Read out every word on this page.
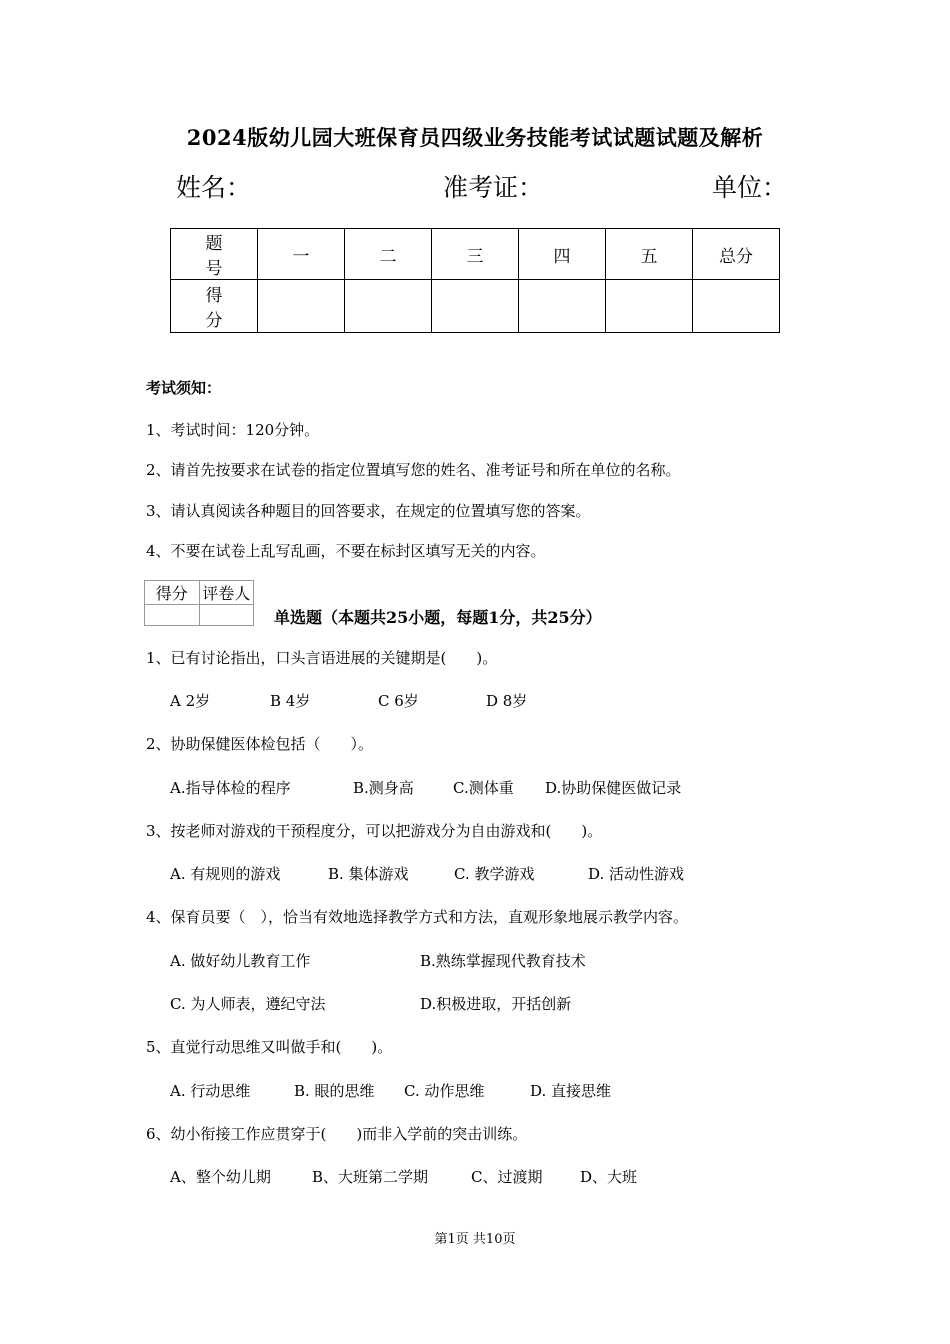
2024版幼儿园大班保育员四级业务技能考试试题试题及解析
姓名：	准考证：	单位：
题 号	一	二	三	四	五	总分
得 分						
考试须知：
1、考试时间：120分钟。
2、请首先按要求在试卷的指定位置填写您的姓名、准考证号和所在单位的名称。
3、请认真阅读各种题目的回答要求，在规定的位置填写您的答案。
4、不要在试卷上乱写乱画，不要在标封区填写无关的内容。
得分	评卷人

单选题（本题共25小题，每题1分，共25分）
1、已有讨论指出，口头言语进展的关键期是(　　)。
A 2岁	B 4岁	C 6岁	D 8岁
2、协助保健医体检包括（　　）。
A.指导体检的程序	B.测身高	C.测体重 D.协助保健医做记录
3、按老师对游戏的干预程度分，可以把游戏分为自由游戏和(　　)。
A. 有规则的游戏	B. 集体游戏	C. 教学游戏	D. 活动性游戏
4、保育员要（　），恰当有效地选择教学方式和方法，直观形象地展示教学内容。
A. 做好幼儿教育工作	B.熟练掌握现代教育技术
C. 为人师表，遵纪守法	D.积极进取，开括创新
5、直觉行动思维又叫做手和(　　)。
A. 行动思维	B. 眼的思维 C. 动作思维	D. 直接思维
6、幼小衔接工作应贯穿于(　　)而非入学前的突击训练。
A、整个幼儿期	B、大班第二学期	C、过渡期	D、大班
第1页 共10页
